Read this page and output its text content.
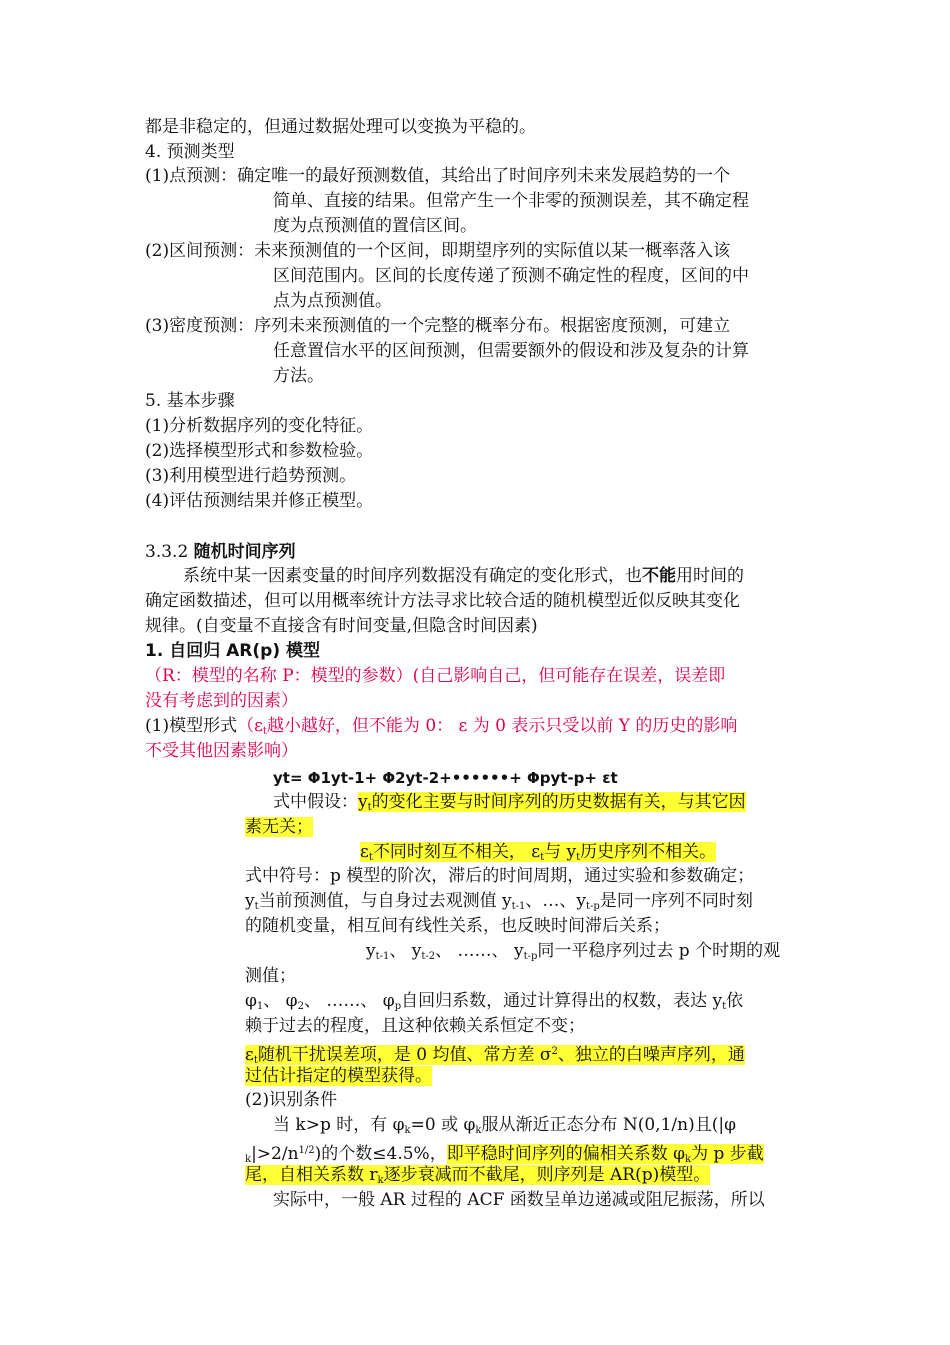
都是非稳定的，但通过数据处理可以变换为平稳的。
4. 预测类型
(1)点预测：确定唯一的最好预测数值，其给出了时间序列未来发展趋势的一个
简单、直接的结果。但常产生一个非零的预测误差，其不确定程
度为点预测值的置信区间。
(2)区间预测：未来预测值的一个区间，即期望序列的实际值以某一概率落入该
区间范围内。区间的长度传递了预测不确定性的程度，区间的中
点为点预测值。
(3)密度预测：序列未来预测值的一个完整的概率分布。根据密度预测，可建立
任意置信水平的区间预测，但需要额外的假设和涉及复杂的计算
方法。
5. 基本步骤
(1)分析数据序列的变化特征。
(2)选择模型形式和参数检验。
(3)利用模型进行趋势预测。
(4)评估预测结果并修正模型。
3.3.2 随机时间序列
系统中某一因素变量的时间序列数据没有确定的变化形式，也不能用时间的
确定函数描述，但可以用概率统计方法寻求比较合适的随机模型近似反映其变化
规律。(自变量不直接含有时间变量,但隐含时间因素)
1. 自回归 AR(p) 模型
（R：模型的名称 P：模型的参数）(自己影响自己，但可能存在误差，误差即
没有考虑到的因素）
(1)模型形式（$\varepsilon_t$越小越好，但不能为 0： ε 为 0 表示只受以前 Y 的历史的影响
不受其他因素影响）
yt= Φ1yt-1+ Φ2yt-2+••••••+ Φpyt-p+ εt
式中假设：$y_t$的变化主要与时间序列的历史数据有关，与其它因
素无关；
$\varepsilon_t$不同时刻互不相关， $\varepsilon_t$与 $y_t$历史序列不相关。
式中符号：p 模型的阶次，滞后的时间周期，通过实验和参数确定；
$y_t$当前预测值，与自身过去观测值 $y_{t-1}$、…、$y_{t-p}$是同一序列不同时刻
的随机变量，相互间有线性关系，也反映时间滞后关系；
$y_{t-1}$、 $y_{t-2}$、 ……、 $y_{t-p}$同一平稳序列过去 p 个时期的观
测值；
$\varphi_1$、 $\varphi_2$、 ……、 $\varphi_p$自回归系数，通过计算得出的权数，表达 $y_t$依
赖于过去的程度，且这种依赖关系恒定不变；
$\varepsilon_t$随机干扰误差项，是 0 均值、常方差 $\sigma^2$、独立的白噪声序列，通
过估计指定的模型获得。
(2)识别条件
当 k>p 时，有 $\varphi_k=0$ 或 $\varphi_k$服从渐近正态分布 N(0,1/n)且(|φ
$_k|>2/n^{1/2}$)的个数≤4.5%，即平稳时间序列的偏相关系数 $\varphi_k$为 p 步截
尾，自相关系数 $r_k$逐步衰减而不截尾，则序列是 AR(p)模型。
实际中，一般 AR 过程的 ACF 函数呈单边递减或阻尼振荡，所以
